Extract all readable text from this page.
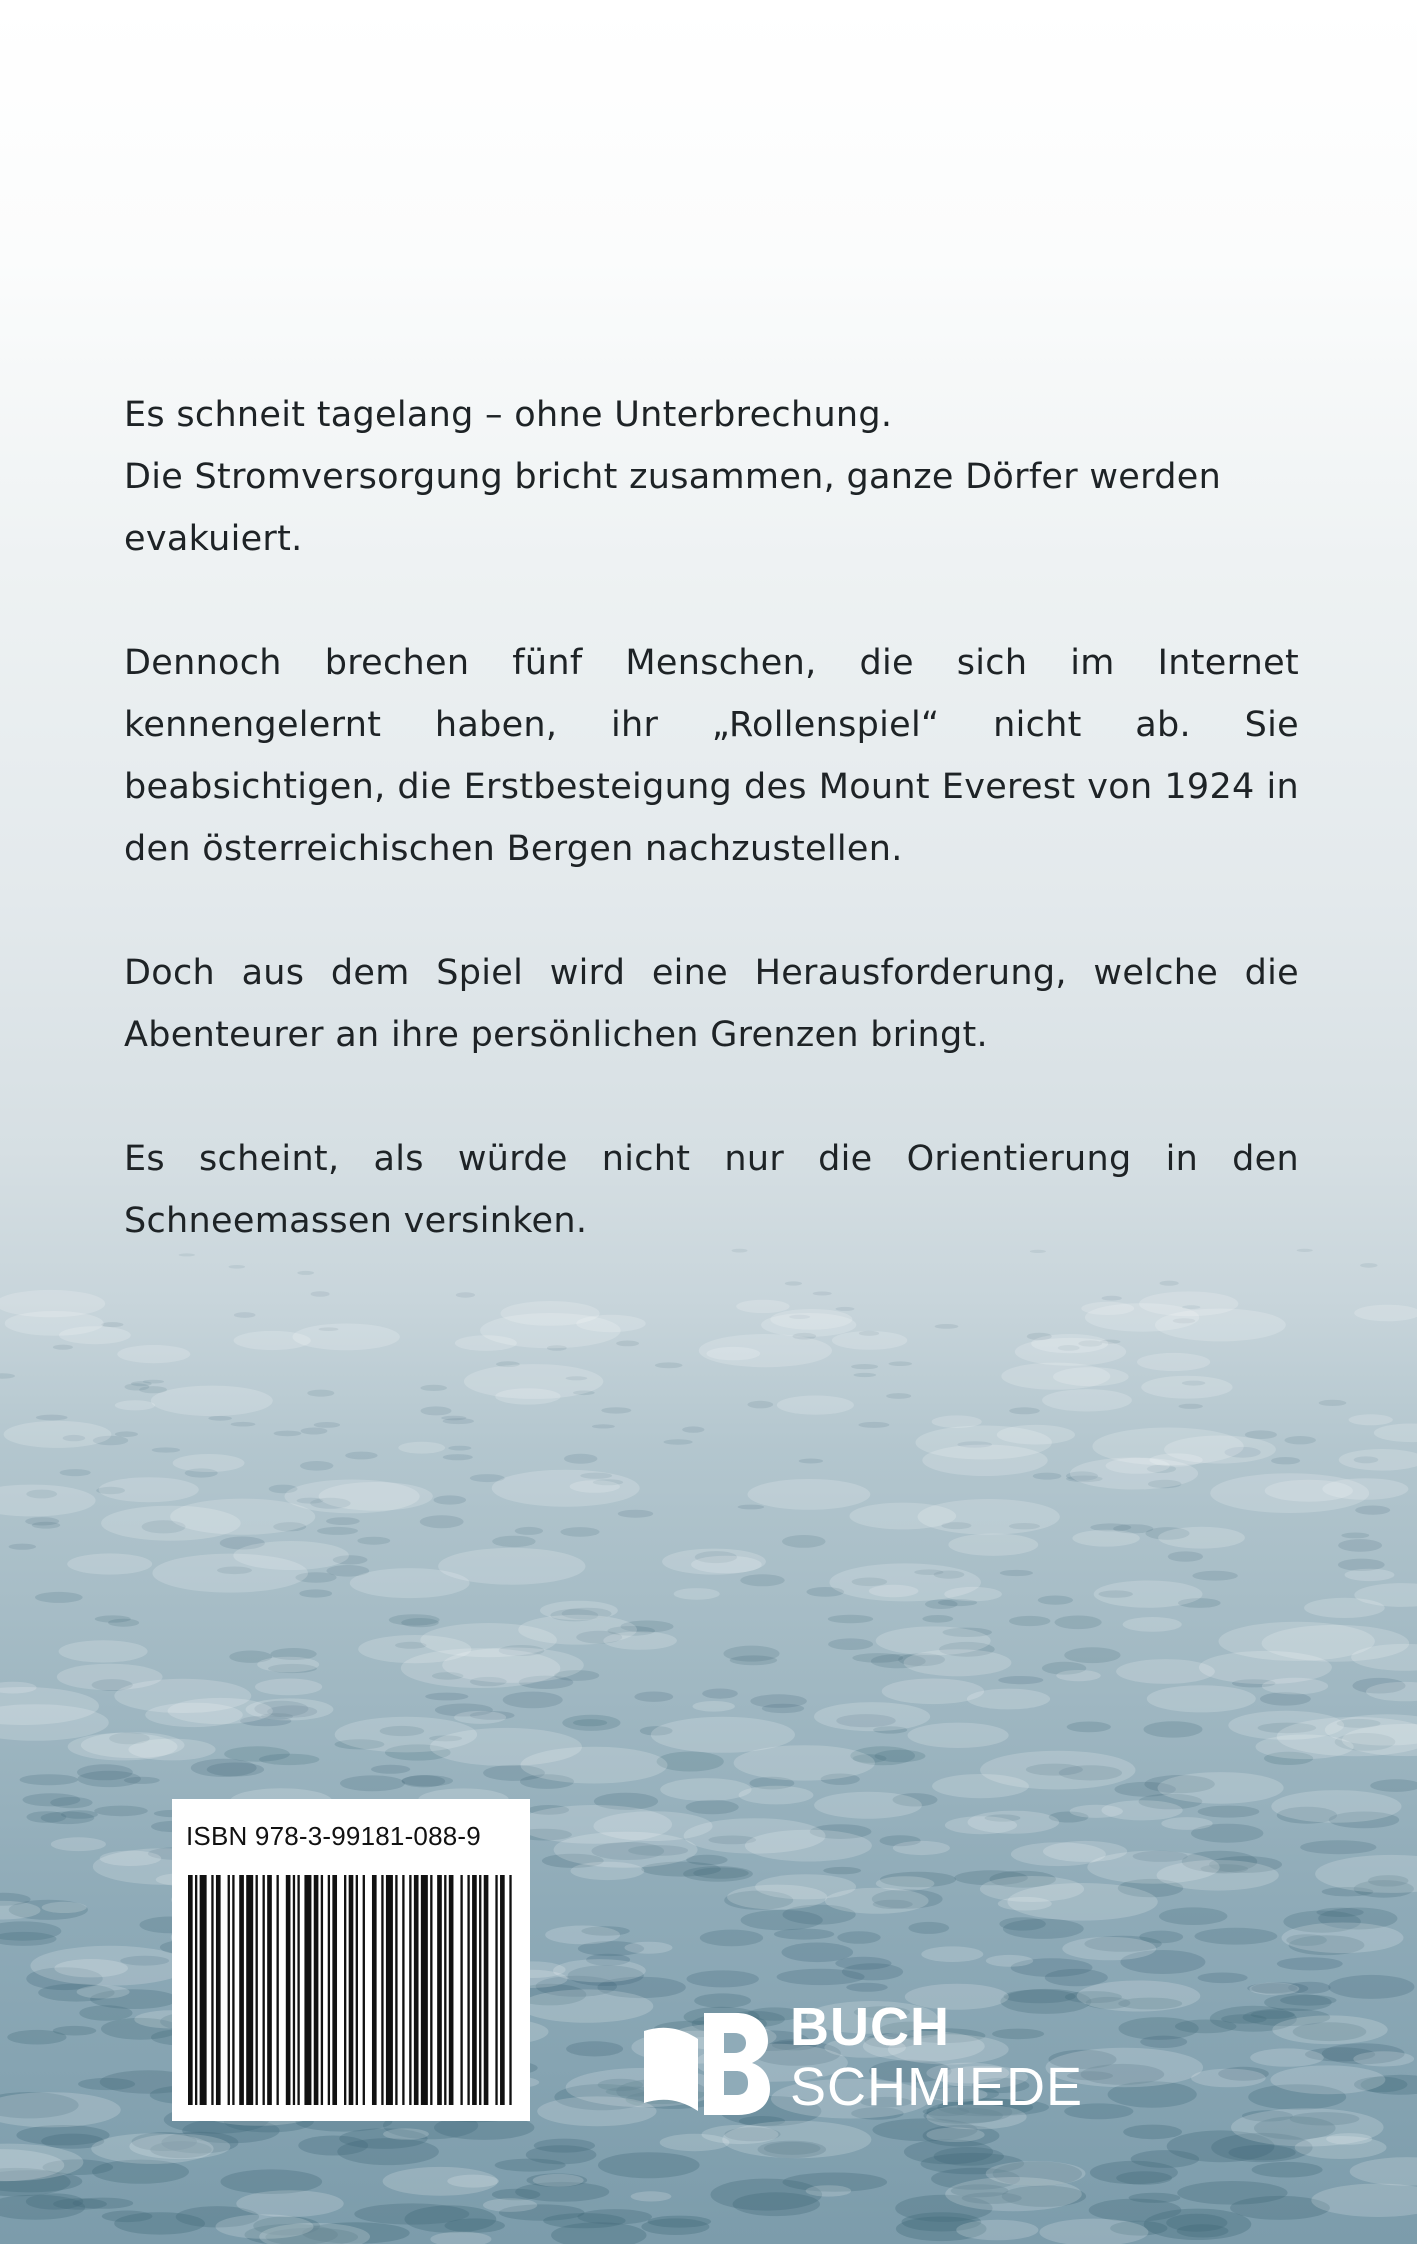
Es schneit tagelang – ohne Unterbrechung.
Die Stromversorgung bricht zusammen, ganze Dörfer werden evakuiert.

Dennoch brechen fünf Menschen, die sich im Internet kennengelernt haben, ihr „Rollenspiel“ nicht ab. Sie beabsichtigen, die Erstbesteigung des Mount Everest von 1924 in den österreichischen Bergen nachzustellen.

Doch aus dem Spiel wird eine Herausforderung, welche die Abenteurer an ihre persönlichen Grenzen bringt.

Es scheint, als würde nicht nur die Orientierung in den Schneemassen versinken.

ISBN 978-3-99181-088-9
BUCH
SCHMIEDE
